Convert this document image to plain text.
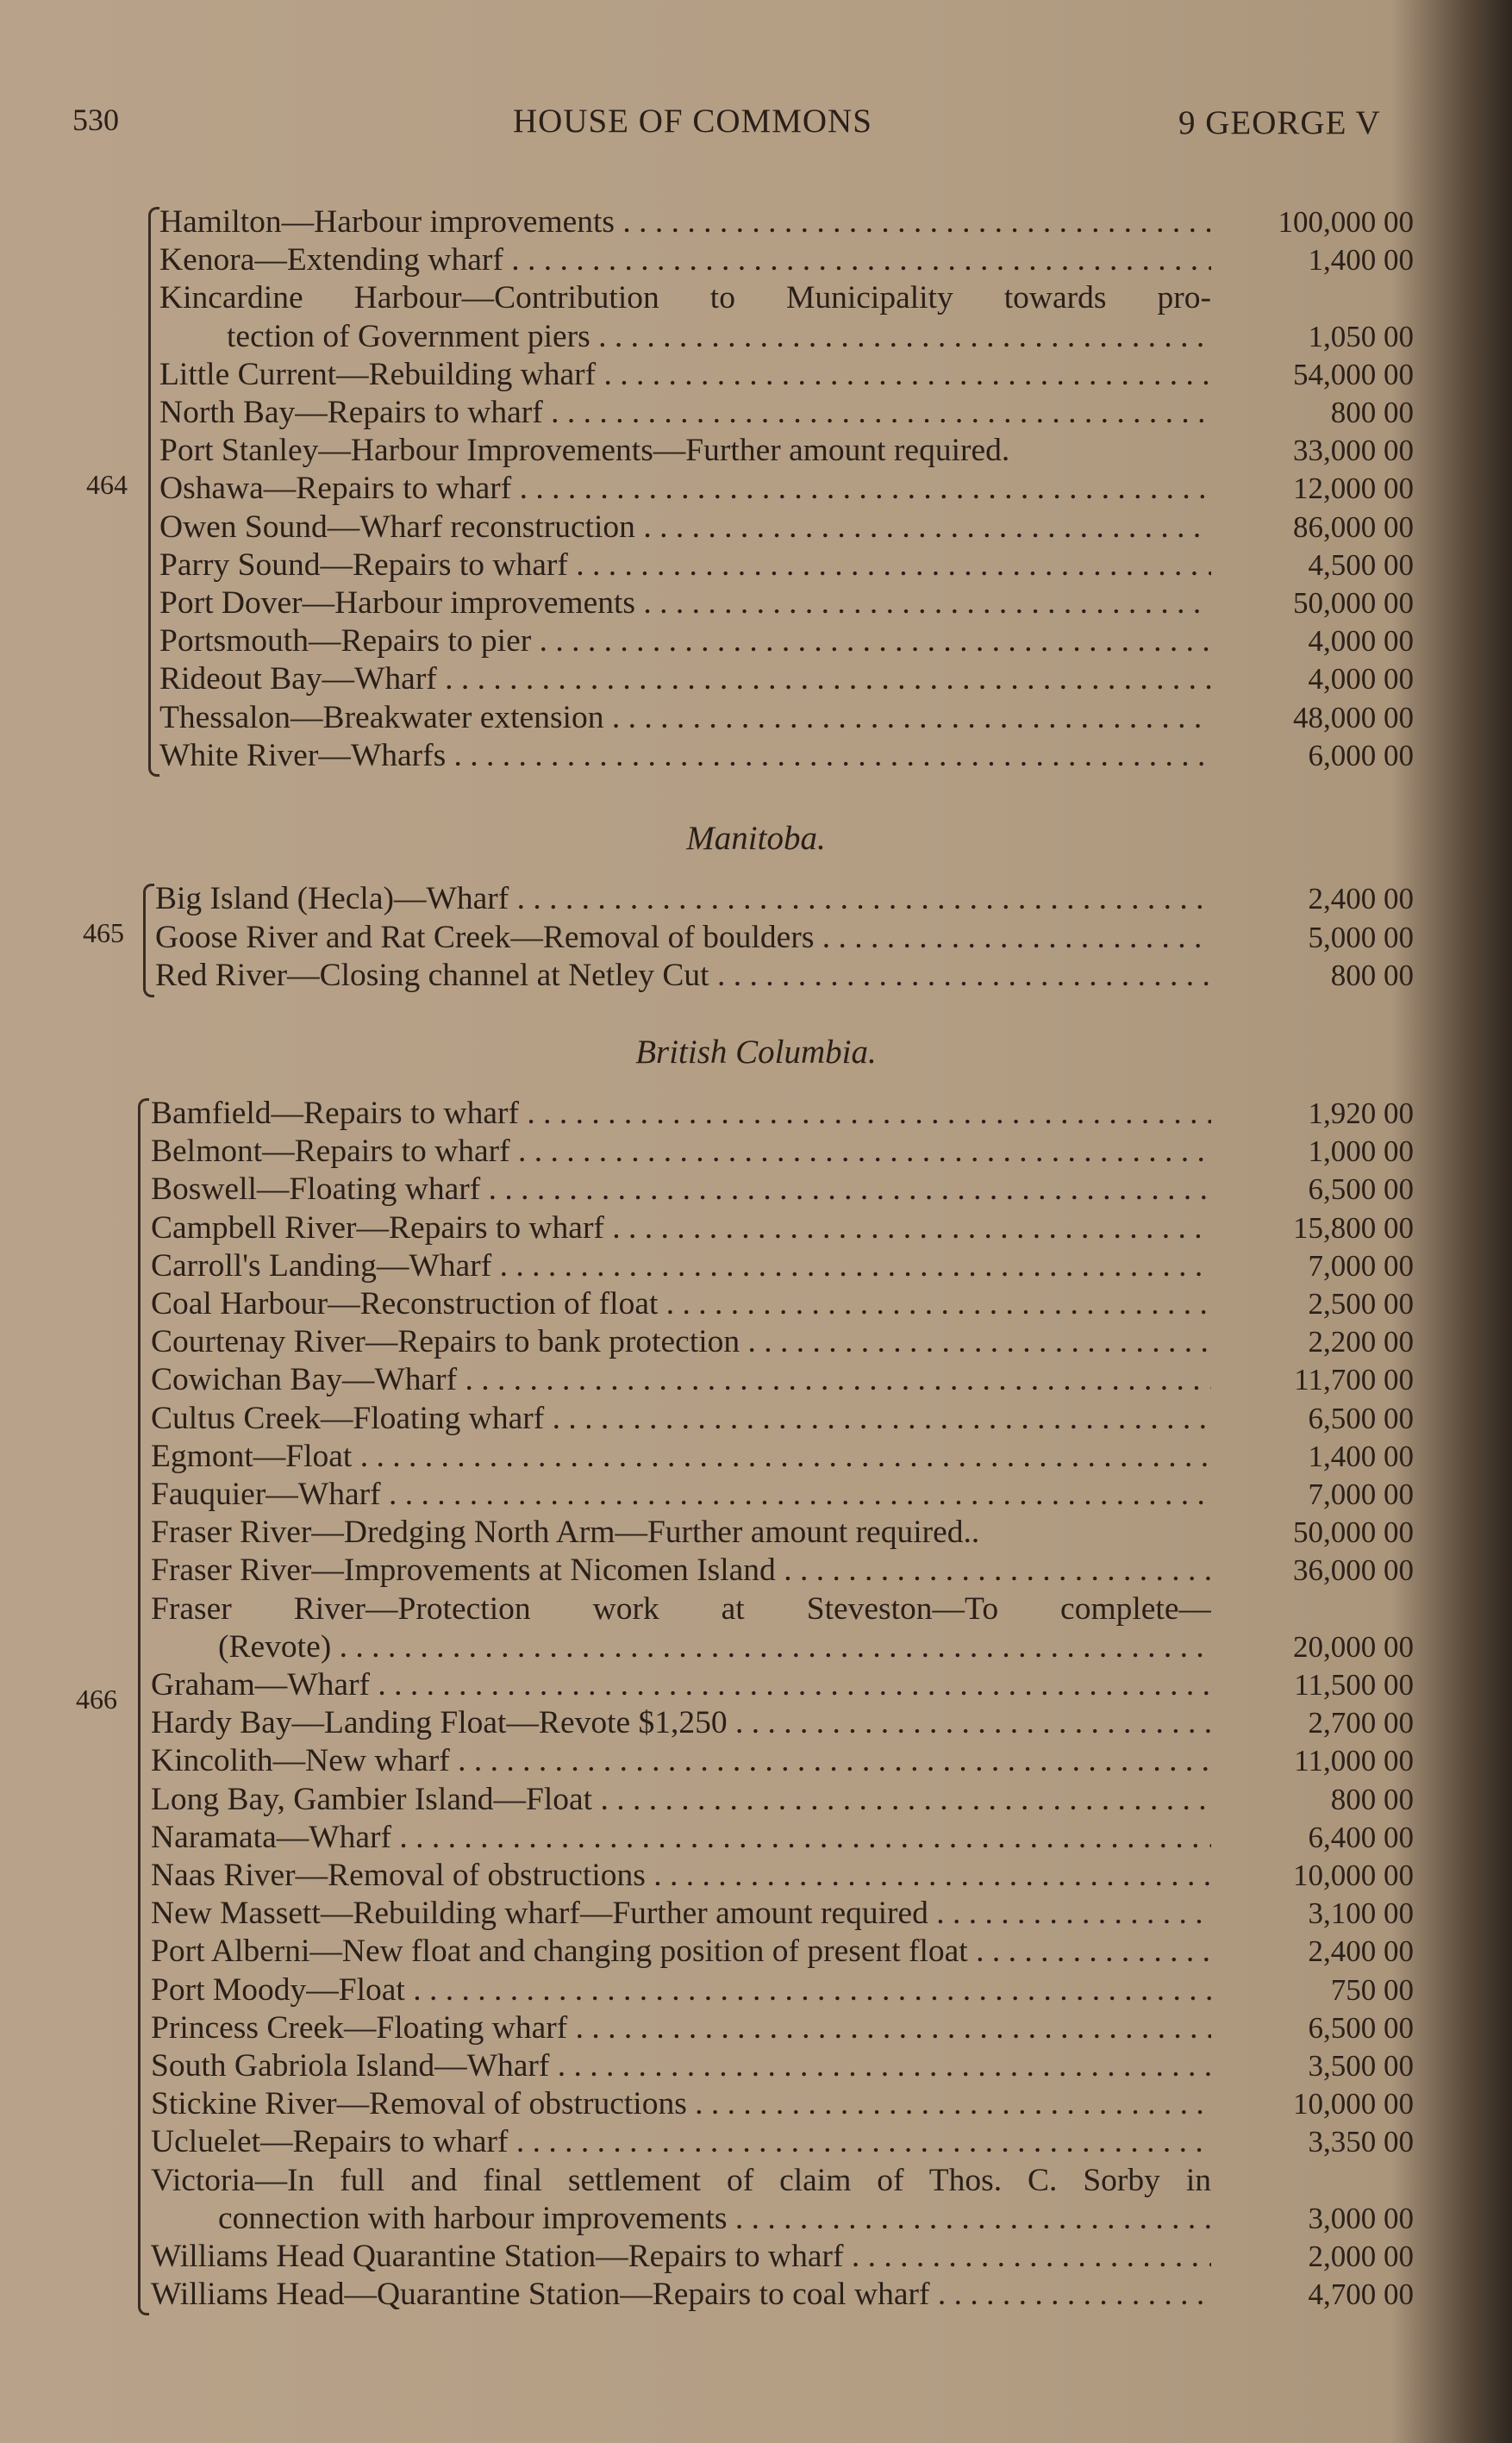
530	HOUSE OF COMMONS	9 GEORGE V
464
Hamilton—Harbour improvements . . .	100,000 00
Kenora—Extending wharf . . .	1,400 00
Kincardine Harbour—Contribution to Municipality towards pro-
tection of Government piers . . .	1,050 00
Little Current—Rebuilding wharf . . .	54,000 00
North Bay—Repairs to wharf . . .	800 00
Port Stanley—Harbour Improvements—Further amount required.	33,000 00
Oshawa—Repairs to wharf . . .	12,000 00
Owen Sound—Wharf reconstruction . . .	86,000 00
Parry Sound—Repairs to wharf . . .	4,500 00
Port Dover—Harbour improvements . . .	50,000 00
Portsmouth—Repairs to pier . . .	4,000 00
Rideout Bay—Wharf . . .	4,000 00
Thessalon—Breakwater extension . . .	48,000 00
White River—Wharfs . . .	6,000 00
Manitoba.
465
Big Island (Hecla)—Wharf . . .	2,400 00
Goose River and Rat Creek—Removal of boulders . . .	5,000 00
Red River—Closing channel at Netley Cut . . .	800 00
British Columbia.
466
Bamfield—Repairs to wharf . . .	1,920 00
Belmont—Repairs to wharf . . .	1,000 00
Boswell—Floating wharf . . .	6,500 00
Campbell River—Repairs to wharf . . .	15,800 00
Carroll's Landing—Wharf . . .	7,000 00
Coal Harbour—Reconstruction of float . . .	2,500 00
Courtenay River—Repairs to bank protection . . .	2,200 00
Cowichan Bay—Wharf . . .	11,700 00
Cultus Creek—Floating wharf . . .	6,500 00
Egmont—Float . . .	1,400 00
Fauquier—Wharf . . .	7,000 00
Fraser River—Dredging North Arm—Further amount required..	50,000 00
Fraser River—Improvements at Nicomen Island . . .	36,000 00
Fraser River—Protection work at Steveston—To complete—
(Revote) . . .	20,000 00
Graham—Wharf . . .	11,500 00
Hardy Bay—Landing Float—Revote $1,250 . . .	2,700 00
Kincolith—New wharf . . .	11,000 00
Long Bay, Gambier Island—Float . . .	800 00
Naramata—Wharf . . .	6,400 00
Naas River—Removal of obstructions . . .	10,000 00
New Massett—Rebuilding wharf—Further amount required . . .	3,100 00
Port Alberni—New float and changing position of present float . . .	2,400 00
Port Moody—Float . . .	750 00
Princess Creek—Floating wharf . . .	6,500 00
South Gabriola Island—Wharf . . .	3,500 00
Stickine River—Removal of obstructions . . .	10,000 00
Ucluelet—Repairs to wharf . . .	3,350 00
Victoria—In full and final settlement of claim of Thos. C. Sorby in
connection with harbour improvements . . .	3,000 00
Williams Head Quarantine Station—Repairs to wharf . . .	2,000 00
Williams Head—Quarantine Station—Repairs to coal wharf . . .	4,700 00
